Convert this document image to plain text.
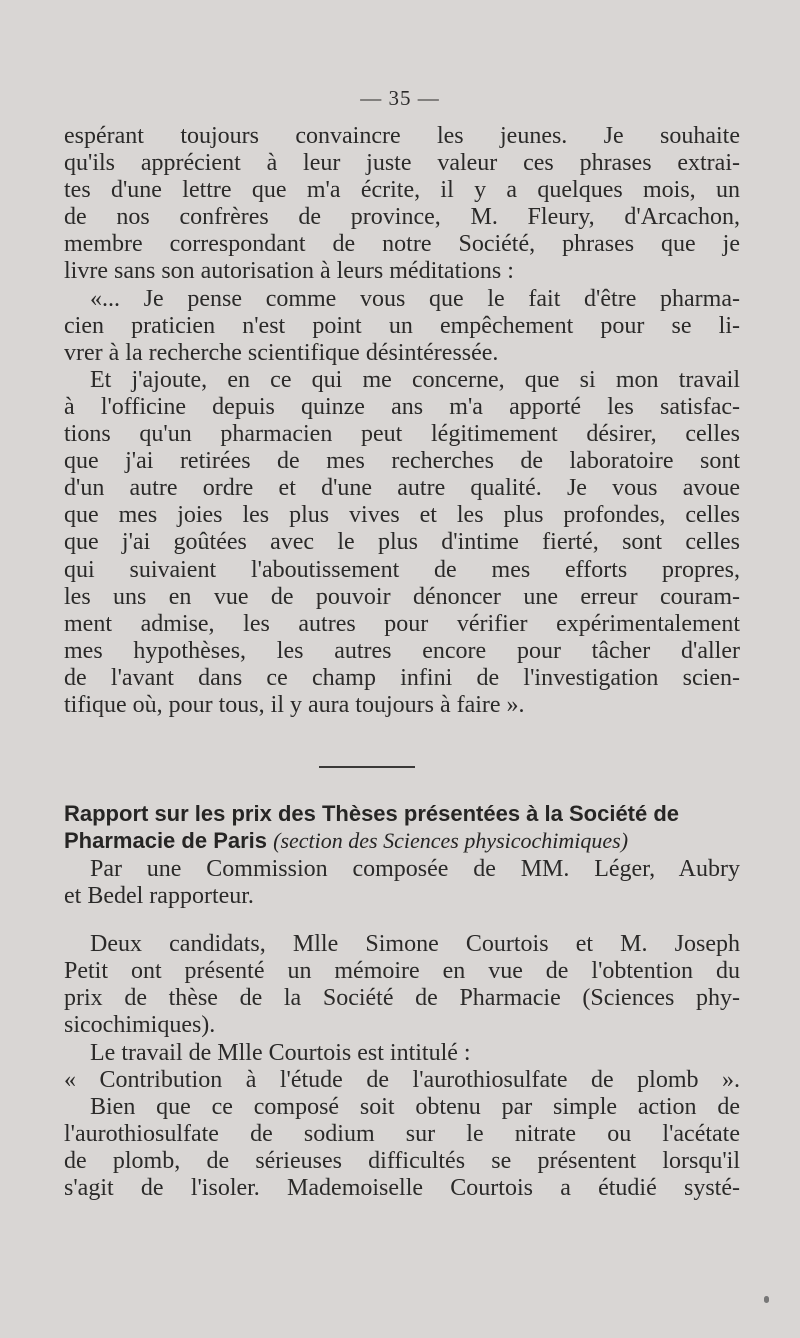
— 35 —
espérant toujours convaincre les jeunes. Je souhaite
qu'ils apprécient à leur juste valeur ces phrases extrai-
tes d'une lettre que m'a écrite, il y a quelques mois, un
de nos confrères de province, M. Fleury, d'Arcachon,
membre correspondant de notre Société, phrases que je
livre sans son autorisation à leurs méditations :
«... Je pense comme vous que le fait d'être pharma-
cien praticien n'est point un empêchement pour se li-
vrer à la recherche scientifique désintéressée.
Et j'ajoute, en ce qui me concerne, que si mon travail
à l'officine depuis quinze ans m'a apporté les satisfac-
tions qu'un pharmacien peut légitimement désirer, celles
que j'ai retirées de mes recherches de laboratoire sont
d'un autre ordre et d'une autre qualité. Je vous avoue
que mes joies les plus vives et les plus profondes, celles
que j'ai goûtées avec le plus d'intime fierté, sont celles
qui suivaient l'aboutissement de mes efforts propres,
les uns en vue de pouvoir dénoncer une erreur couram-
ment admise, les autres pour vérifier expérimentalement
mes hypothèses, les autres encore pour tâcher d'aller
de l'avant dans ce champ infini de l'investigation scien-
tifique où, pour tous, il y aura toujours à faire ».
Rapport sur les prix des Thèses présentées à la Société de
Pharmacie de Paris (section des Sciences physicochimiques)
Par une Commission composée de MM. Léger, Aubry
et Bedel rapporteur.
Deux candidats, Mlle Simone Courtois et M. Joseph
Petit ont présenté un mémoire en vue de l'obtention du
prix de thèse de la Société de Pharmacie (Sciences phy-
sicochimiques).
Le travail de Mlle Courtois est intitulé :
« Contribution à l'étude de l'aurothiosulfate de plomb ».
Bien que ce composé soit obtenu par simple action de
l'aurothiosulfate de sodium sur le nitrate ou l'acétate
de plomb, de sérieuses difficultés se présentent lorsqu'il
s'agit de l'isoler. Mademoiselle Courtois a étudié systé-
